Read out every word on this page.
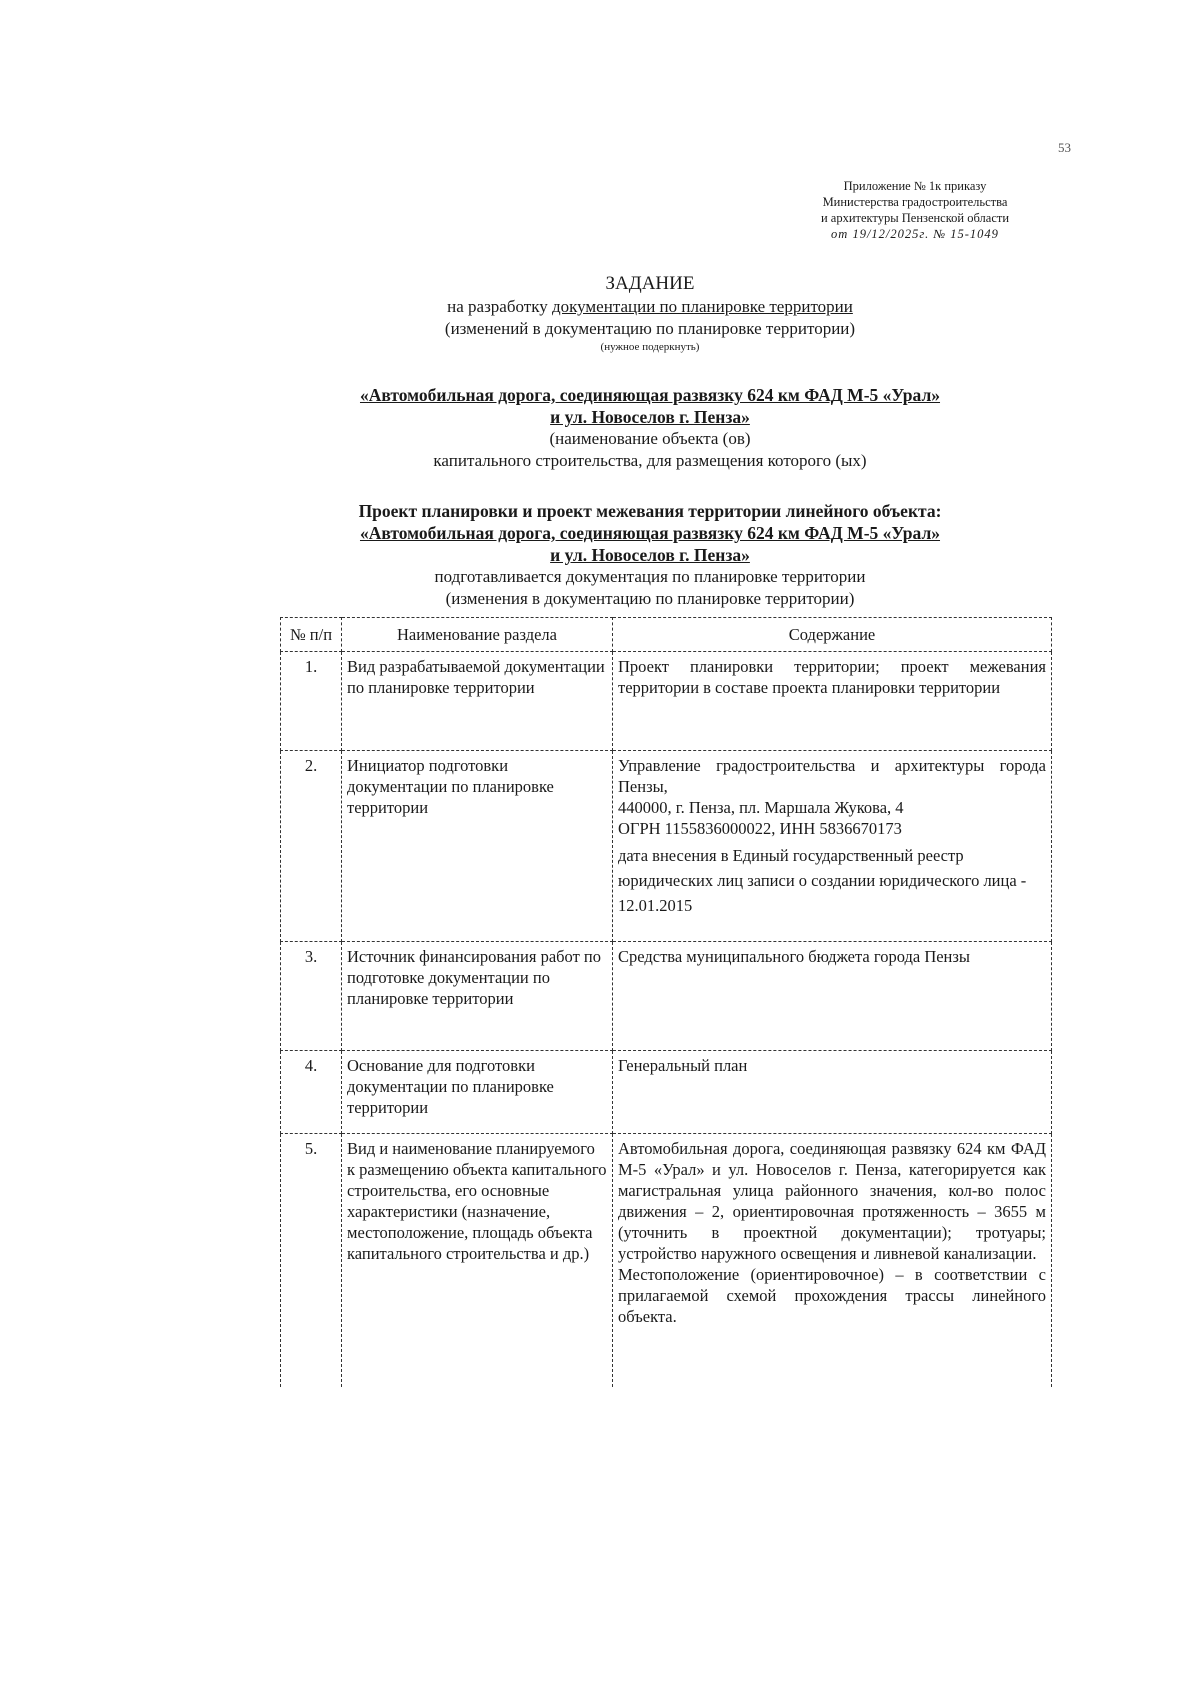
53
Приложение № 1к приказу
Министерства градостроительства
и архитектуры Пензенской области
от 19/12/2025г. № 15-1049
ЗАДАНИЕ
на разработку документации по планировке территории
(изменений в документацию по планировке территории)
(нужное подеркнуть)
«Автомобильная дорога, соединяющая развязку 624 км ФАД М-5 «Урал»
и ул. Новоселов г. Пенза»
(наименование объекта (ов)
капитального строительства, для размещения которого (ых)
Проект планировки и проект межевания территории линейного объекта:
«Автомобильная дорога, соединяющая развязку 624 км ФАД М-5 «Урал»
и ул. Новоселов г. Пенза»
подготавливается документация по планировке территории
(изменения в документацию по планировке территории)
№ п/п	Наименование раздела	Содержание
1.	Вид разрабатываемой документации по планировке территории	Проект планировки территории; проект межевания территории в составе проекта планировки территории

2.	Инициатор подготовки документации по планировке территории	Управление градостроительства и архитектуры города Пензы,
440000, г. Пенза, пл. Маршала Жукова, 4
ОГРН 1155836000022, ИНН 5836670173
дата внесения в Единый государственный реестр юридических лиц записи о создании юридического лица - 12.01.2015

3.	Источник финансирования работ по подготовке документации по планировке территории	Средства муниципального бюджета города Пензы

4.	Основание для подготовки документации по планировке территории	Генеральный план

5.	Вид и наименование планируемого к размещению объекта капитального строительства, его основные характеристики (назначение, местоположение, площадь объекта капитального строительства и др.)	Автомобильная дорога, соединяющая развязку 624 км ФАД М-5 «Урал» и ул. Новоселов г. Пенза, категорируется как магистральная улица районного значения, кол-во полос движения – 2, ориентировочная протяженность – 3655 м (уточнить в проектной документации); тротуары; устройство наружного освещения и ливневой канализации.
Местоположение (ориентировочное) – в соответствии с прилагаемой схемой прохождения трассы линейного объекта.
